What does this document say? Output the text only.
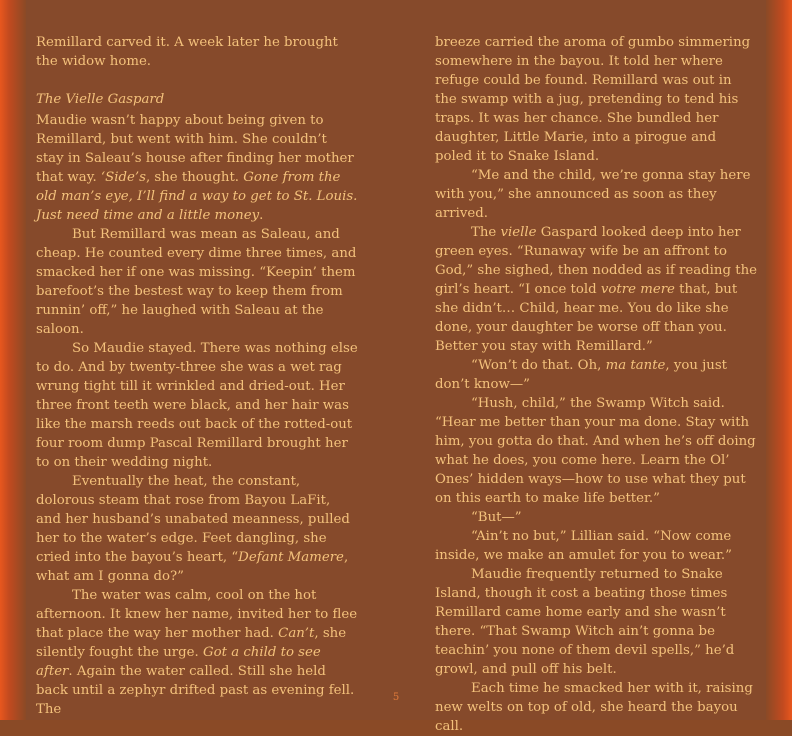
Remillard carved it. A week later he brought the widow home.

The Vielle Gaspard

Maudie wasn’t happy about being given to Remillard, but went with him. She couldn’t stay in Saleau’s house after finding her mother that way. ‘Side’s, she thought. Gone from the old man’s eye, I’ll find a way to get to St. Louis. Just need time and a little money.

But Remillard was mean as Saleau, and cheap. He counted every dime three times, and smacked her if one was missing. “Keepin’ them barefoot’s the bestest way to keep them from runnin’ off,” he laughed with Saleau at the saloon.

So Maudie stayed. There was nothing else to do. And by twenty-three she was a wet rag wrung tight till it wrinkled and dried-out. Her three front teeth were black, and her hair was like the marsh reeds out back of the rotted-out four room dump Pascal Remillard brought her to on their wedding night.

Eventually the heat, the constant, dolorous steam that rose from Bayou LaFit, and her husband’s unabated meanness, pulled her to the water’s edge. Feet dangling, she cried into the bayou’s heart, “Defant Mamere, what am I gonna do?”

The water was calm, cool on the hot afternoon. It knew her name, invited her to flee that place the way her mother had. Can’t, she silently fought the urge. Got a child to see after. Again the water called. Still she held back until a zephyr drifted past as evening fell. The

breeze carried the aroma of gumbo simmering somewhere in the bayou. It told her where refuge could be found. Remillard was out in the swamp with a jug, pretending to tend his traps. It was her chance. She bundled her daughter, Little Marie, into a pirogue and poled it to Snake Island.

“Me and the child, we’re gonna stay here with you,” she announced as soon as they arrived.

The vielle Gaspard looked deep into her green eyes. “Runaway wife be an affront to God,” she sighed, then nodded as if reading the girl’s heart. “I once told votre mere that, but she didn’t… Child, hear me. You do like she done, your daughter be worse off than you. Better you stay with Remillard.”

“Won’t do that. Oh, ma tante, you just don’t know—”

“Hush, child,” the Swamp Witch said. “Hear me better than your ma done. Stay with him, you gotta do that. And when he’s off doing what he does, you come here. Learn the Ol’ Ones’ hidden ways—how to use what they put on this earth to make life better.”

“But—”

“Ain’t no but,” Lillian said. “Now come inside, we make an amulet for you to wear.”

Maudie frequently returned to Snake Island, though it cost a beating those times Remillard came home early and she wasn’t there. “That Swamp Witch ain’t gonna be teachin’ you none of them devil spells,” he’d growl, and pull off his belt.

Each time he smacked her with it, raising new welts on top of old, she heard the bayou call.

5
